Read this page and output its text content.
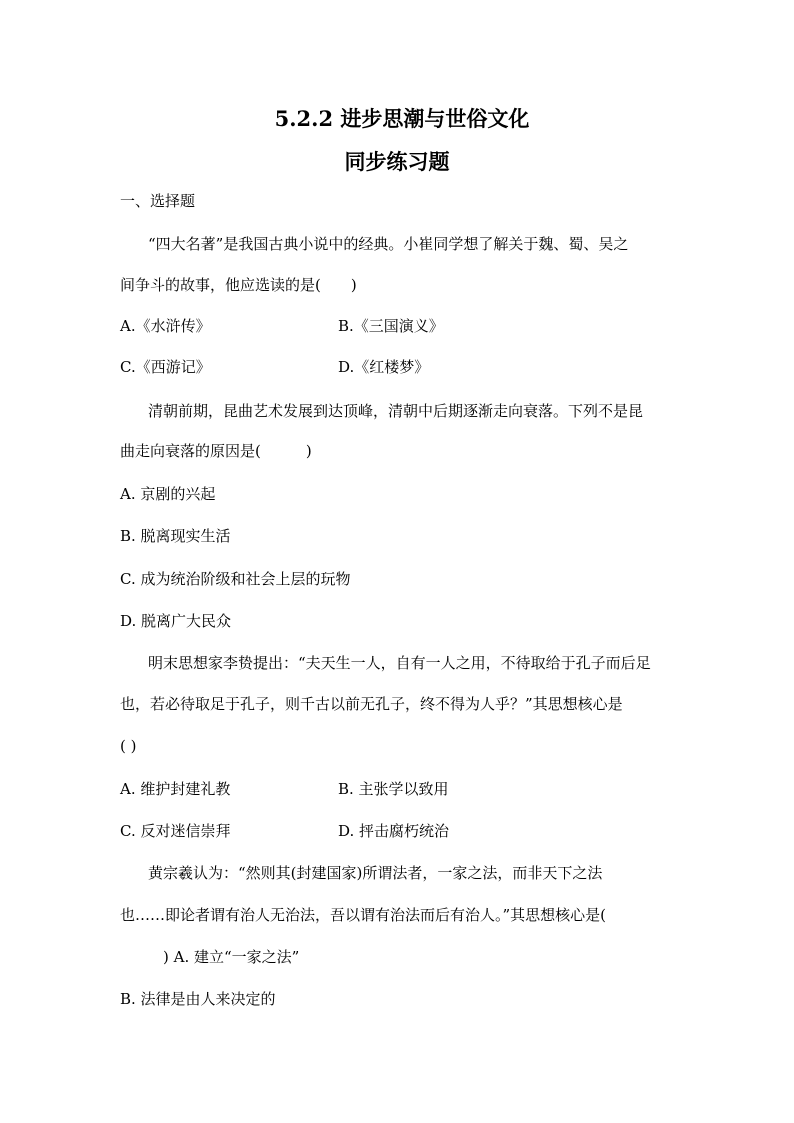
5.2.2 进步思潮与世俗文化
同步练习题
一、选择题
“四大名著”是我国古典小说中的经典。小崔同学想了解关于魏、蜀、吴之
间争斗的故事，他应选读的是(　　)
A.《水浒传》	B.《三国演义》
C.《西游记》	D.《红楼梦》
清朝前期，昆曲艺术发展到达顶峰，清朝中后期逐渐走向衰落。下列不是昆
曲走向衰落的原因是(　　　)
A. 京剧的兴起
B. 脱离现实生活
C. 成为统治阶级和社会上层的玩物
D. 脱离广大民众
明末思想家李贽提出：“夫天生一人，自有一人之用，不待取给于孔子而后足
也，若必待取足于孔子，则千古以前无孔子，终不得为人乎？”其思想核心是
( )
A. 维护封建礼教	B. 主张学以致用
C. 反对迷信崇拜	D. 抨击腐朽统治
黄宗羲认为：“然则其(封建国家)所谓法者，一家之法，而非天下之法
也……即论者谓有治人无治法，吾以谓有治法而后有治人。”其思想核心是(
　) A. 建立“一家之法”
B. 法律是由人来决定的
